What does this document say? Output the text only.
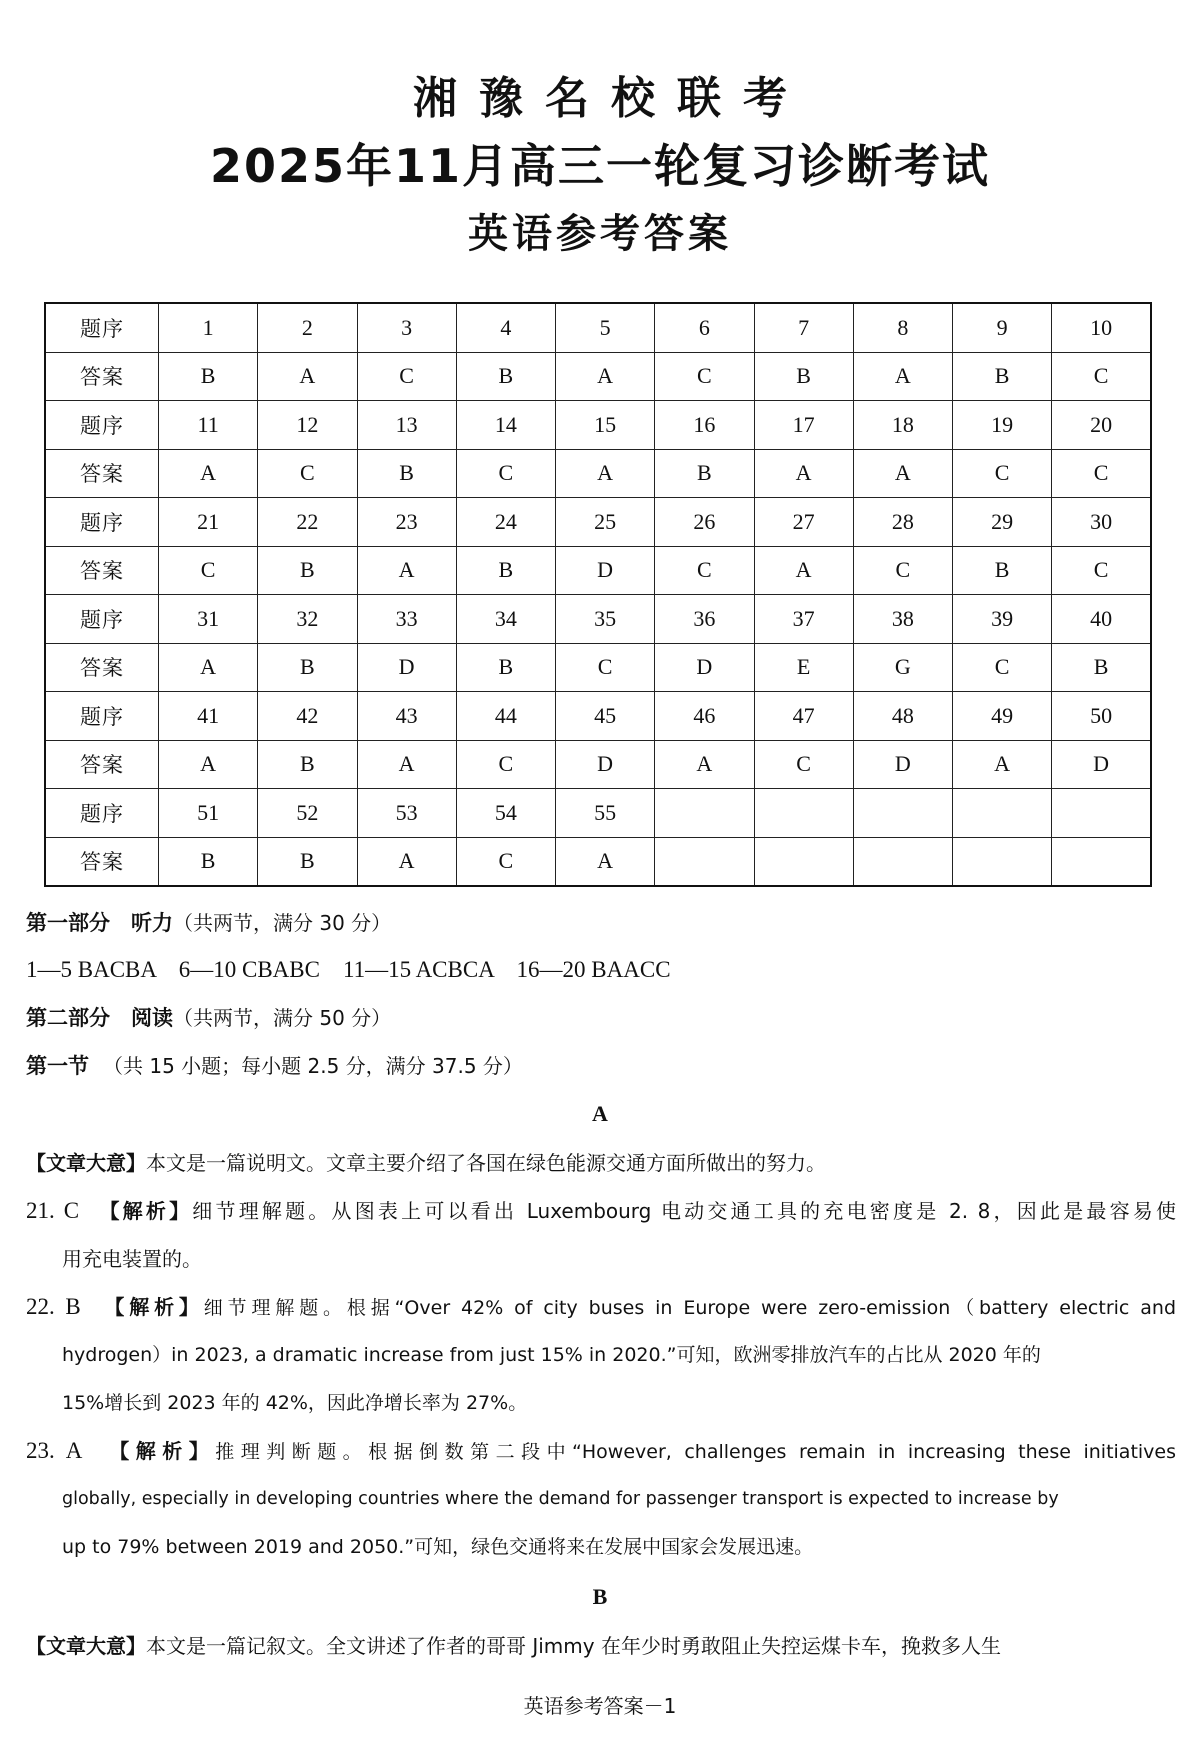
湘豫名校联考
2025年11月高三一轮复习诊断考试
英语参考答案
题序	1	2	3	4	5	6	7	8	9	10
答案	B	A	C	B	A	C	B	A	B	C
题序	11	12	13	14	15	16	17	18	19	20
答案	A	C	B	C	A	B	A	A	C	C
题序	21	22	23	24	25	26	27	28	29	30
答案	C	B	A	B	D	C	A	C	B	C
题序	31	32	33	34	35	36	37	38	39	40
答案	A	B	D	B	C	D	E	G	C	B
题序	41	42	43	44	45	46	47	48	49	50
答案	A	B	A	C	D	A	C	D	A	D
题序	51	52	53	54	55					
答案	B	B	A	C	A					
第一部分　听力（共两节，满分 30 分）
1—5 BACBA　6—10 CBABC　11—15 ACBCA　16—20 BAACC
第二部分　阅读（共两节，满分 50 分）
第一节 （共 15 小题；每小题 2.5 分，满分 37.5 分）
A
【文章大意】本文是一篇说明文。文章主要介绍了各国在绿色能源交通方面所做出的努力。
21. C 【解析】细节理解题。从图表上可以看出 Luxembourg 电动交通工具的充电密度是 2. 8，因此是最容易使
用充电装置的。
22. B 【解析】细节理解题。根据“Over 42% of city buses in Europe were zero-emission（battery electric and
hydrogen）in 2023, a dramatic increase from just 15% in 2020.”可知，欧洲零排放汽车的占比从 2020 年的
15%增长到 2023 年的 42%，因此净增长率为 27%。
23. A 【解析】推理判断题。根据倒数第二段中“However, challenges remain in increasing these initiatives
globally, especially in developing countries where the demand for passenger transport is expected to increase by
up to 79% between 2019 and 2050.”可知，绿色交通将来在发展中国家会发展迅速。
B
【文章大意】本文是一篇记叙文。全文讲述了作者的哥哥 Jimmy 在年少时勇敢阻止失控运煤卡车，挽救多人生
英语参考答案－1
